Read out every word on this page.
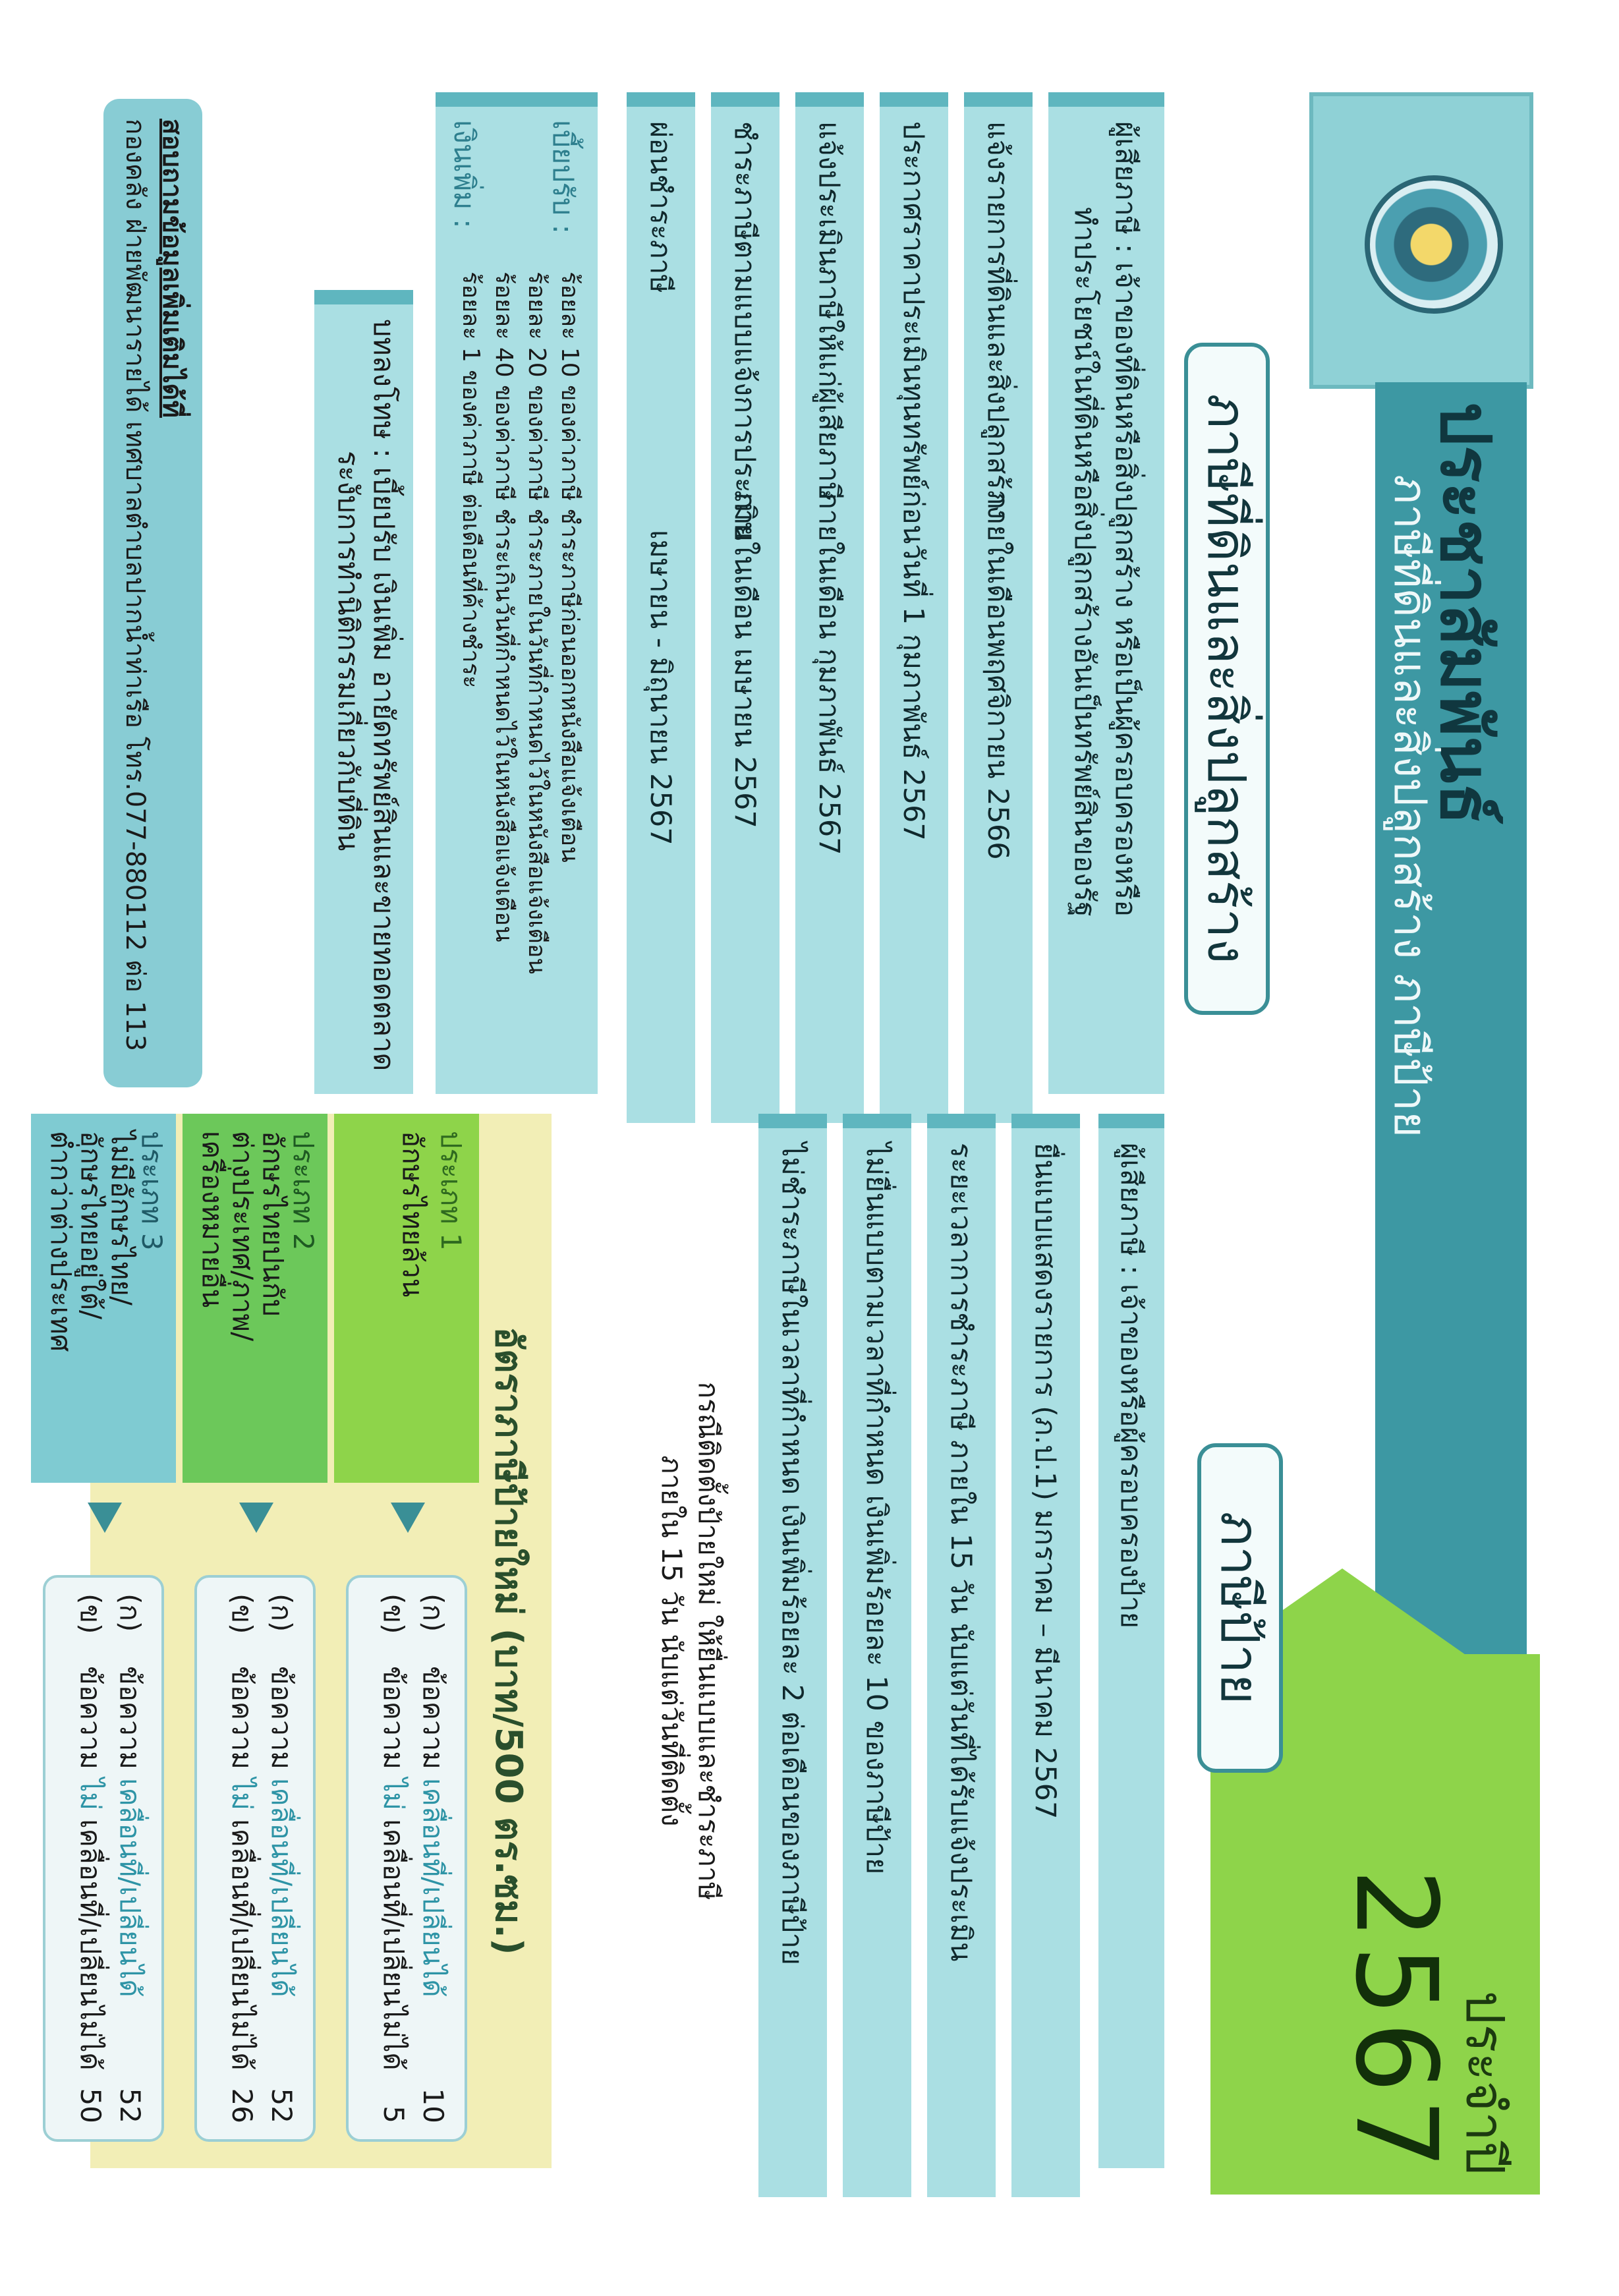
ประชาสัมพันธ์
ภาษีที่ดินและสิ่งปลูกสร้าง ภาษีป้าย
ประจำปี
2567
ภาษีที่ดินและสิ่งปลูกสร้าง
ผู้เสียภาษี : เจ้าของที่ดินหรือสิ่งปลูกสร้าง หรือเป็นผู้ครอบครองหรือ
ทำประโยชน์ในที่ดินหรือสิ่งปลูกสร้างอันเป็นทรัพย์สินของรัฐ
แจ้งรายการที่ดินและสิ่งปลูกสร้าง
ภายในเดือนพฤศจิกายน 2566
ประกาศราคาประเมินทุนทรัพย์
ก่อนวันที่ 1 กุมภาพันธ์ 2567
แจ้งประเมินภาษีให้แก่ผู้เสียภาษี
ภายในเดือน กุมภาพันธ์ 2567
ชำระภาษีตามแบบแจ้งการประเมิน
ภายในเดือน เมษายน 2567
ผ่อนชำระภาษี
เมษายน - มิถุนายน 2567
เบี้ยปรับ :
ร้อยละ 10 ของค่าภาษี ชำระภาษีก่อนออกหนังสือแจ้งเตือน
ร้อยละ 20 ของค่าภาษี ชำระภายในวันที่กำหนดไว้ในหนังสือแจ้งเตือน
ร้อยละ 40 ของค่าภาษี ชำระเกินวันที่กำหนดไว้ในหนังสือแจ้งเตือน
ร้อยละ 1 ของค่าภาษี ต่อเดือนที่ค้างชำระ
เงินเพิ่ม :
บทลงโทษ : เบี้ยปรับ เงินเพิ่ม อายัดทรัพย์สินและขายทอดตลาด
ระงับการทำนิติกรรมเกี่ยวกับที่ดิน
สอบถามข้อมูลเพิ่มเติมได้ที่
กองคลัง ฝ่ายพัฒนารายได้ เทศบาลตำบลปากน้ำท่าเรือ โทร.077-880112 ต่อ 113
ภาษีป้าย
ผู้เสียภาษี : เจ้าของหรือผู้ครอบครองป้าย
ยื่นแบบแสดงรายการ (ภ.ป.1) มกราคม – มีนาคม 2567
ระยะเวลาการชำระภาษี ภายใน 15 วัน นับแต่วันที่ได้รับแจ้งประเมิน
ไม่ยื่นแบบตามเวลาที่กำหนด เงินเพิ่มร้อยละ 10 ของภาษีป้าย
ไม่ชำระภาษีในเวลาที่กำหนด เงินเพิ่มร้อยละ 2 ต่อเดือนของภาษีป้าย
กรณีติดตั้งป้ายใหม่ ให้ยื่นแบบและชำระภาษี
ภายใน 15 วัน นับแต่วันที่ติดตั้ง
อัตราภาษีป้ายใหม่ (บาท/500 ตร.ซม.)
ประเภท 1
อักษรไทยล้วน
(ก)
ข้อความ เคลื่อนที่/เปลี่ยนได้
10
(ข)
ข้อความ ไม่ เคลื่อนที่/เปลี่ยนไม่ได้
5
ประเภท 2
อักษรไทยปนกับ
ต่างประเทศ/ภาพ/
เครื่องหมายอื่น
(ก)
ข้อความ เคลื่อนที่/เปลี่ยนได้
52
(ข)
ข้อความ ไม่ เคลื่อนที่/เปลี่ยนไม่ได้
26
ประเภท 3
ไม่มีอักษรไทย/
อักษรไทยอยู่ใต้/
ต่ำกว่าต่างประเทศ
(ก)
ข้อความ เคลื่อนที่/เปลี่ยนได้
52
(ข)
ข้อความ ไม่ เคลื่อนที่/เปลี่ยนไม่ได้
50
